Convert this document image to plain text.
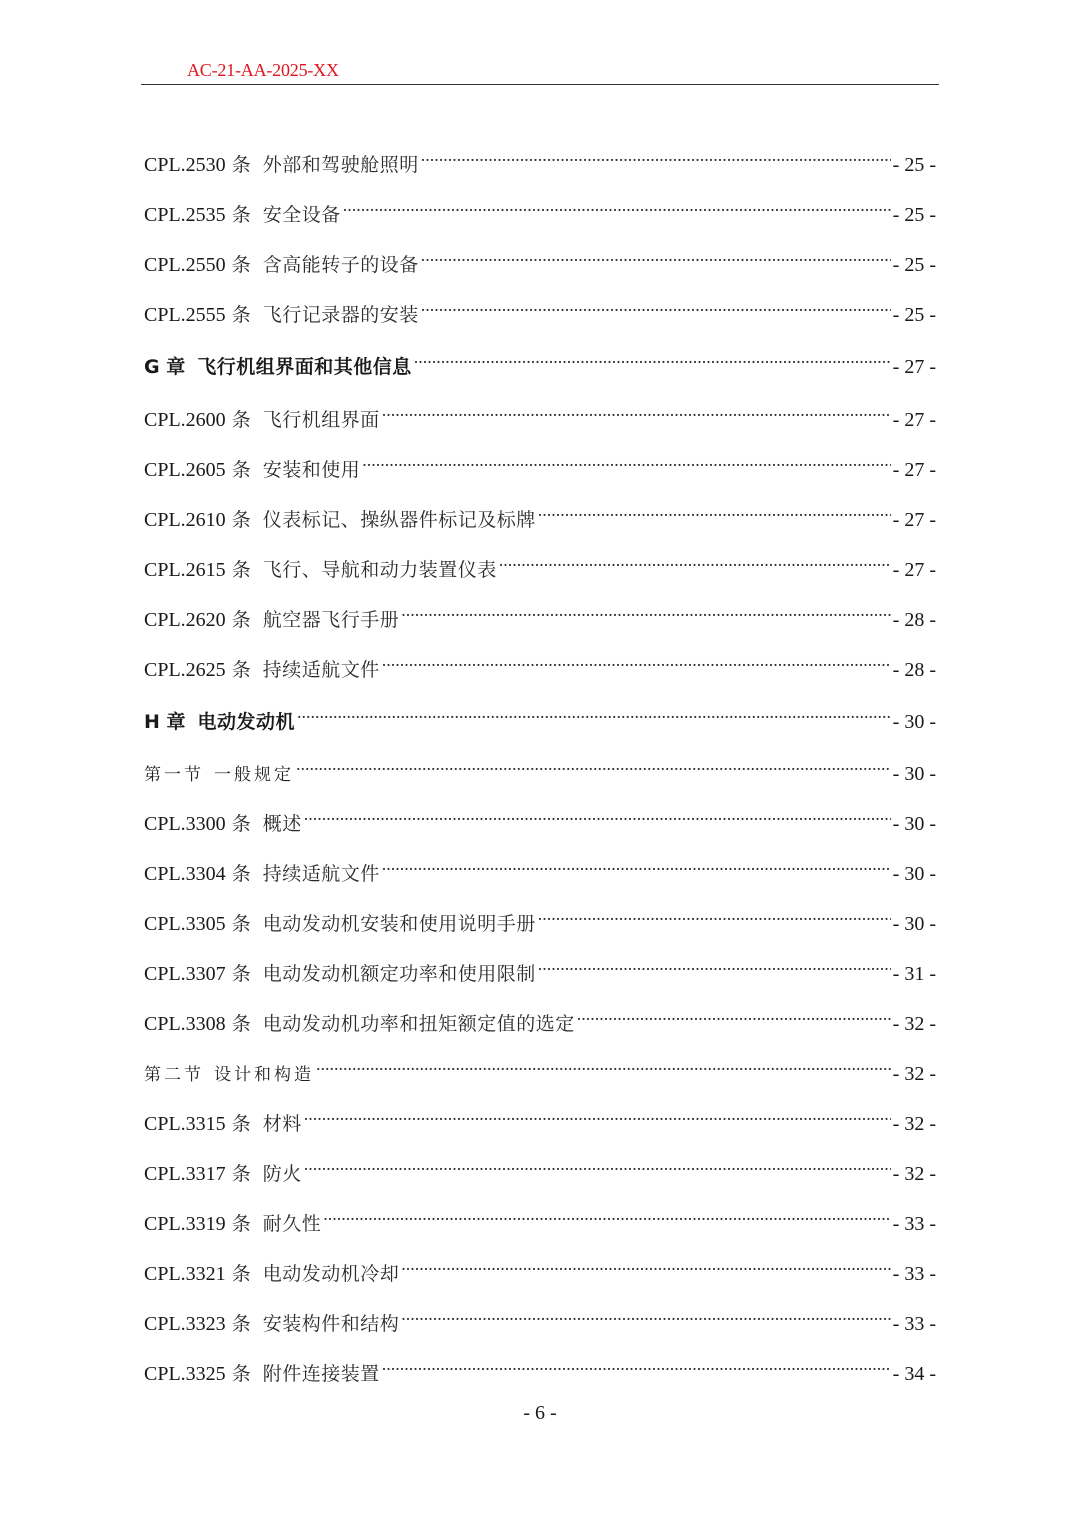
AC-21-AA-2025-XX
CPL.2530 条 外部和驾驶舱照明 .....	- 25 -
CPL.2535 条 安全设备 .....	- 25 -
CPL.2550 条 含高能转子的设备 .....	- 25 -
CPL.2555 条 飞行记录器的安装 .....	- 25 -
G 章 飞行机组界面和其他信息 .....	- 27 -
CPL.2600 条 飞行机组界面 .....	- 27 -
CPL.2605 条 安装和使用 .....	- 27 -
CPL.2610 条 仪表标记、操纵器件标记及标牌 .....	- 27 -
CPL.2615 条 飞行、导航和动力装置仪表 .....	- 27 -
CPL.2620 条 航空器飞行手册 .....	- 28 -
CPL.2625 条 持续适航文件 .....	- 28 -
H 章 电动发动机 .....	- 30 -
第一节 一般规定 .....	- 30 -
CPL.3300 条 概述 .....	- 30 -
CPL.3304 条 持续适航文件 .....	- 30 -
CPL.3305 条 电动发动机安装和使用说明手册 .....	- 30 -
CPL.3307 条 电动发动机额定功率和使用限制 .....	- 31 -
CPL.3308 条 电动发动机功率和扭矩额定值的选定 .....	- 32 -
第二节 设计和构造 .....	- 32 -
CPL.3315 条 材料 .....	- 32 -
CPL.3317 条 防火 .....	- 32 -
CPL.3319 条 耐久性 .....	- 33 -
CPL.3321 条 电动发动机冷却 .....	- 33 -
CPL.3323 条 安装构件和结构 .....	- 33 -
CPL.3325 条 附件连接装置 .....	- 34 -
- 6 -
